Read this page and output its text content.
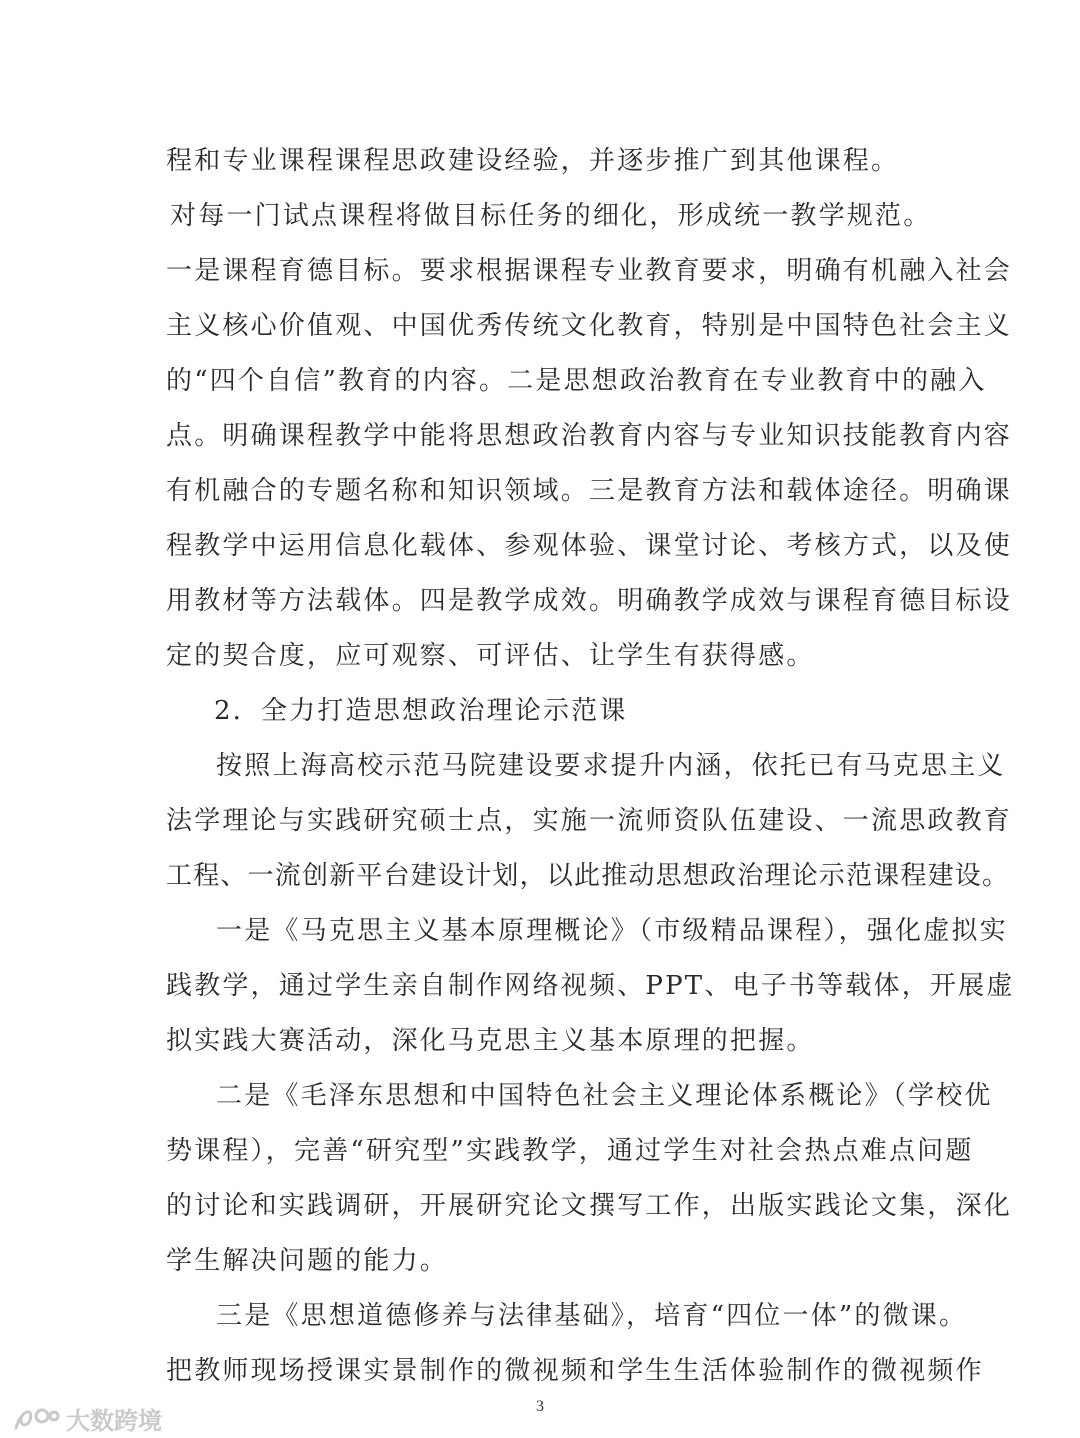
程和专业课程课程思政建设经验，并逐步推广到其他课程。
对每一门试点课程将做目标任务的细化，形成统一教学规范。
一是课程育德目标。要求根据课程专业教育要求，明确有机融入社会
主义核心价值观、中国优秀传统文化教育，特别是中国特色社会主义
的“四个自信”教育的内容。二是思想政治教育在专业教育中的融入
点。明确课程教学中能将思想政治教育内容与专业知识技能教育内容
有机融合的专题名称和知识领域。三是教育方法和载体途径。明确课
程教学中运用信息化载体、参观体验、课堂讨论、考核方式，以及使
用教材等方法载体。四是教学成效。明确教学成效与课程育德目标设
定的契合度，应可观察、可评估、让学生有获得感。
2．全力打造思想政治理论示范课
按照上海高校示范马院建设要求提升内涵，依托已有马克思主义
法学理论与实践研究硕士点，实施一流师资队伍建设、一流思政教育
工程、一流创新平台建设计划，以此推动思想政治理论示范课程建设。
一是《马克思主义基本原理概论》（市级精品课程），强化虚拟实
践教学，通过学生亲自制作网络视频、PPT、电子书等载体，开展虚
拟实践大赛活动，深化马克思主义基本原理的把握。
二是《毛泽东思想和中国特色社会主义理论体系概论》（学校优
势课程），完善“研究型”实践教学，通过学生对社会热点难点问题
的讨论和实践调研，开展研究论文撰写工作，出版实践论文集，深化
学生解决问题的能力。
三是《思想道德修养与法律基础》，培育“四位一体”的微课。
把教师现场授课实景制作的微视频和学生生活体验制作的微视频作
3
大数跨境
